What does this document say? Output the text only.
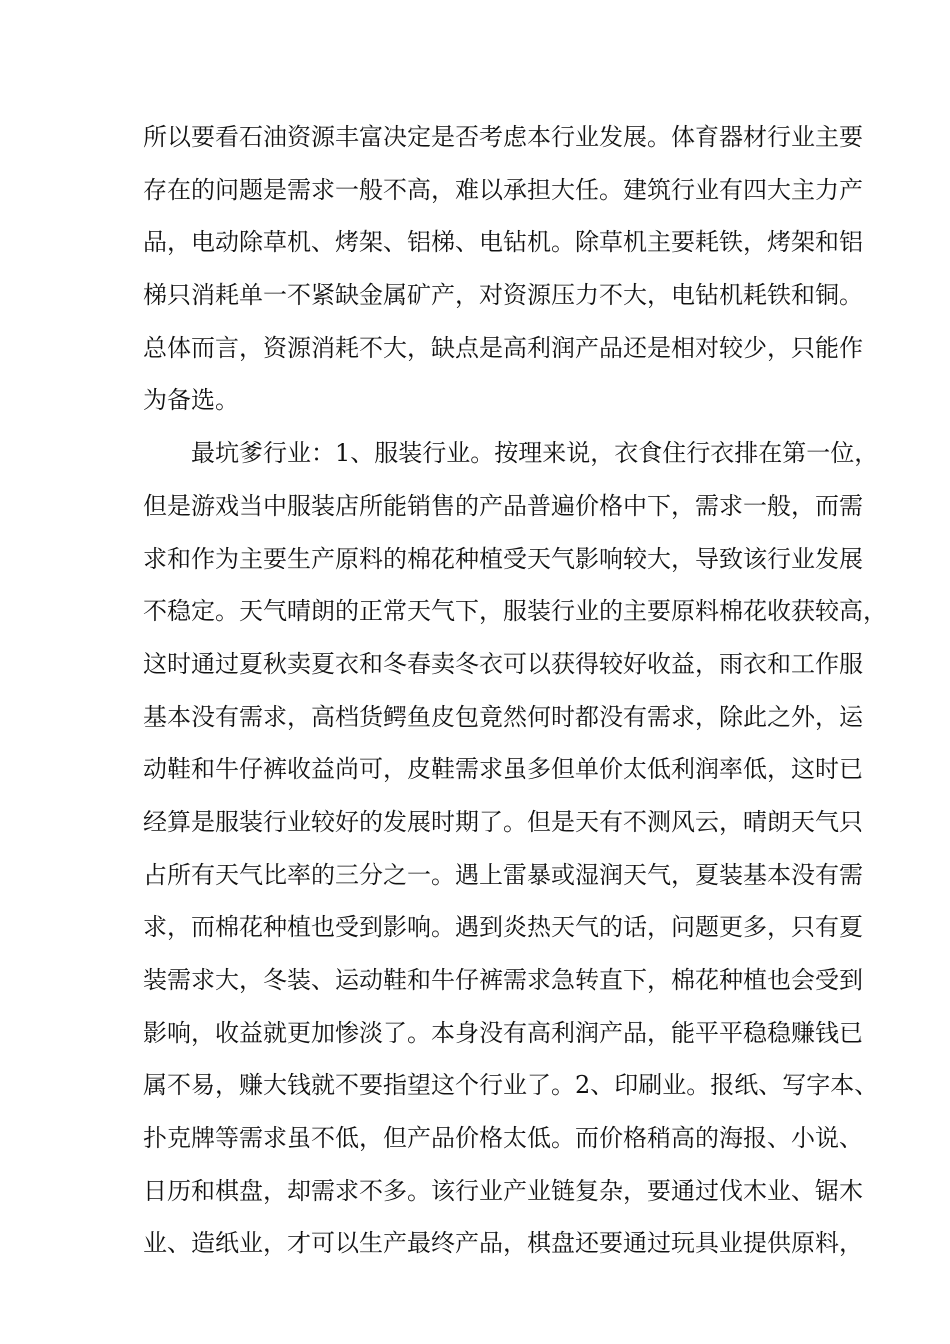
所以要看石油资源丰富决定是否考虑本行业发展。体育器材行业主要
存在的问题是需求一般不高，难以承担大任。建筑行业有四大主力产
品，电动除草机、烤架、铝梯、电钻机。除草机主要耗铁，烤架和铝
梯只消耗单一不紧缺金属矿产，对资源压力不大，电钻机耗铁和铜。
总体而言，资源消耗不大，缺点是高利润产品还是相对较少，只能作
为备选。
最坑爹行业：1、服装行业。按理来说，衣食住行衣排在第一位，
但是游戏当中服装店所能销售的产品普遍价格中下，需求一般，而需
求和作为主要生产原料的棉花种植受天气影响较大，导致该行业发展
不稳定。天气晴朗的正常天气下，服装行业的主要原料棉花收获较高，
这时通过夏秋卖夏衣和冬春卖冬衣可以获得较好收益，雨衣和工作服
基本没有需求，高档货鳄鱼皮包竟然何时都没有需求，除此之外，运
动鞋和牛仔裤收益尚可，皮鞋需求虽多但单价太低利润率低，这时已
经算是服装行业较好的发展时期了。但是天有不测风云，晴朗天气只
占所有天气比率的三分之一。遇上雷暴或湿润天气，夏装基本没有需
求，而棉花种植也受到影响。遇到炎热天气的话，问题更多，只有夏
装需求大，冬装、运动鞋和牛仔裤需求急转直下，棉花种植也会受到
影响，收益就更加惨淡了。本身没有高利润产品，能平平稳稳赚钱已
属不易，赚大钱就不要指望这个行业了。2、印刷业。报纸、写字本、
扑克牌等需求虽不低，但产品价格太低。而价格稍高的海报、小说、
日历和棋盘，却需求不多。该行业产业链复杂，要通过伐木业、锯木
业、造纸业，才可以生产最终产品，棋盘还要通过玩具业提供原料，
